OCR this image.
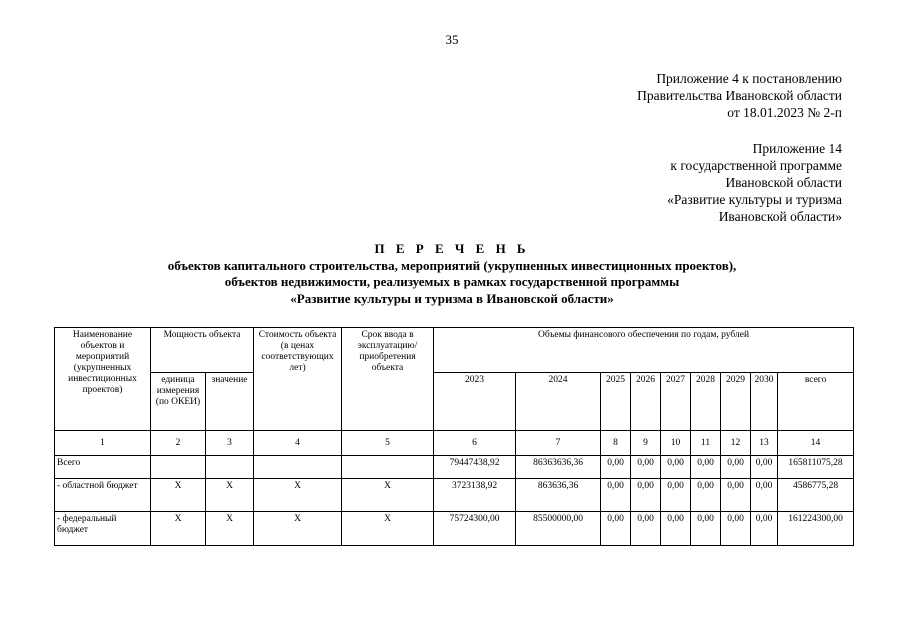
35
Приложение 4 к постановлению
Правительства Ивановской области
от 18.01.2023 № 2-п
Приложение 14
к государственной программе
Ивановской области
«Развитие культуры и туризма
Ивановской области»
П Е Р Е Ч Е Н Ь
объектов капитального строительства, мероприятий (укрупненных инвестиционных проектов),
объектов недвижимости, реализуемых в рамках государственной программы
«Развитие культуры и туризма в Ивановской области»
Наименование объектов и мероприятий (укрупненных инвестиционных проектов)	Мощность объекта		Стоимость объекта (в ценах соответствующих лет)	Срок ввода в эксплуатацию/ приобретения объекта	Объемы финансового обеспечения по годам, рублей								
	единица измерения (по ОКЕИ)	значение			2023	2024	2025	2026	2027	2028	2029	2030	всего
1	2	3	4	5	6	7	8	9	10	11	12	13	14
Всего					79447438,92	86363636,36	0,00	0,00	0,00	0,00	0,00	0,00	165811075,28
- областной бюджет	Х	Х	Х	Х	3723138,92	863636,36	0,00	0,00	0,00	0,00	0,00	0,00	4586775,28
- федеральный бюджет	Х	Х	Х	Х	75724300,00	85500000,00	0,00	0,00	0,00	0,00	0,00	0,00	161224300,00
